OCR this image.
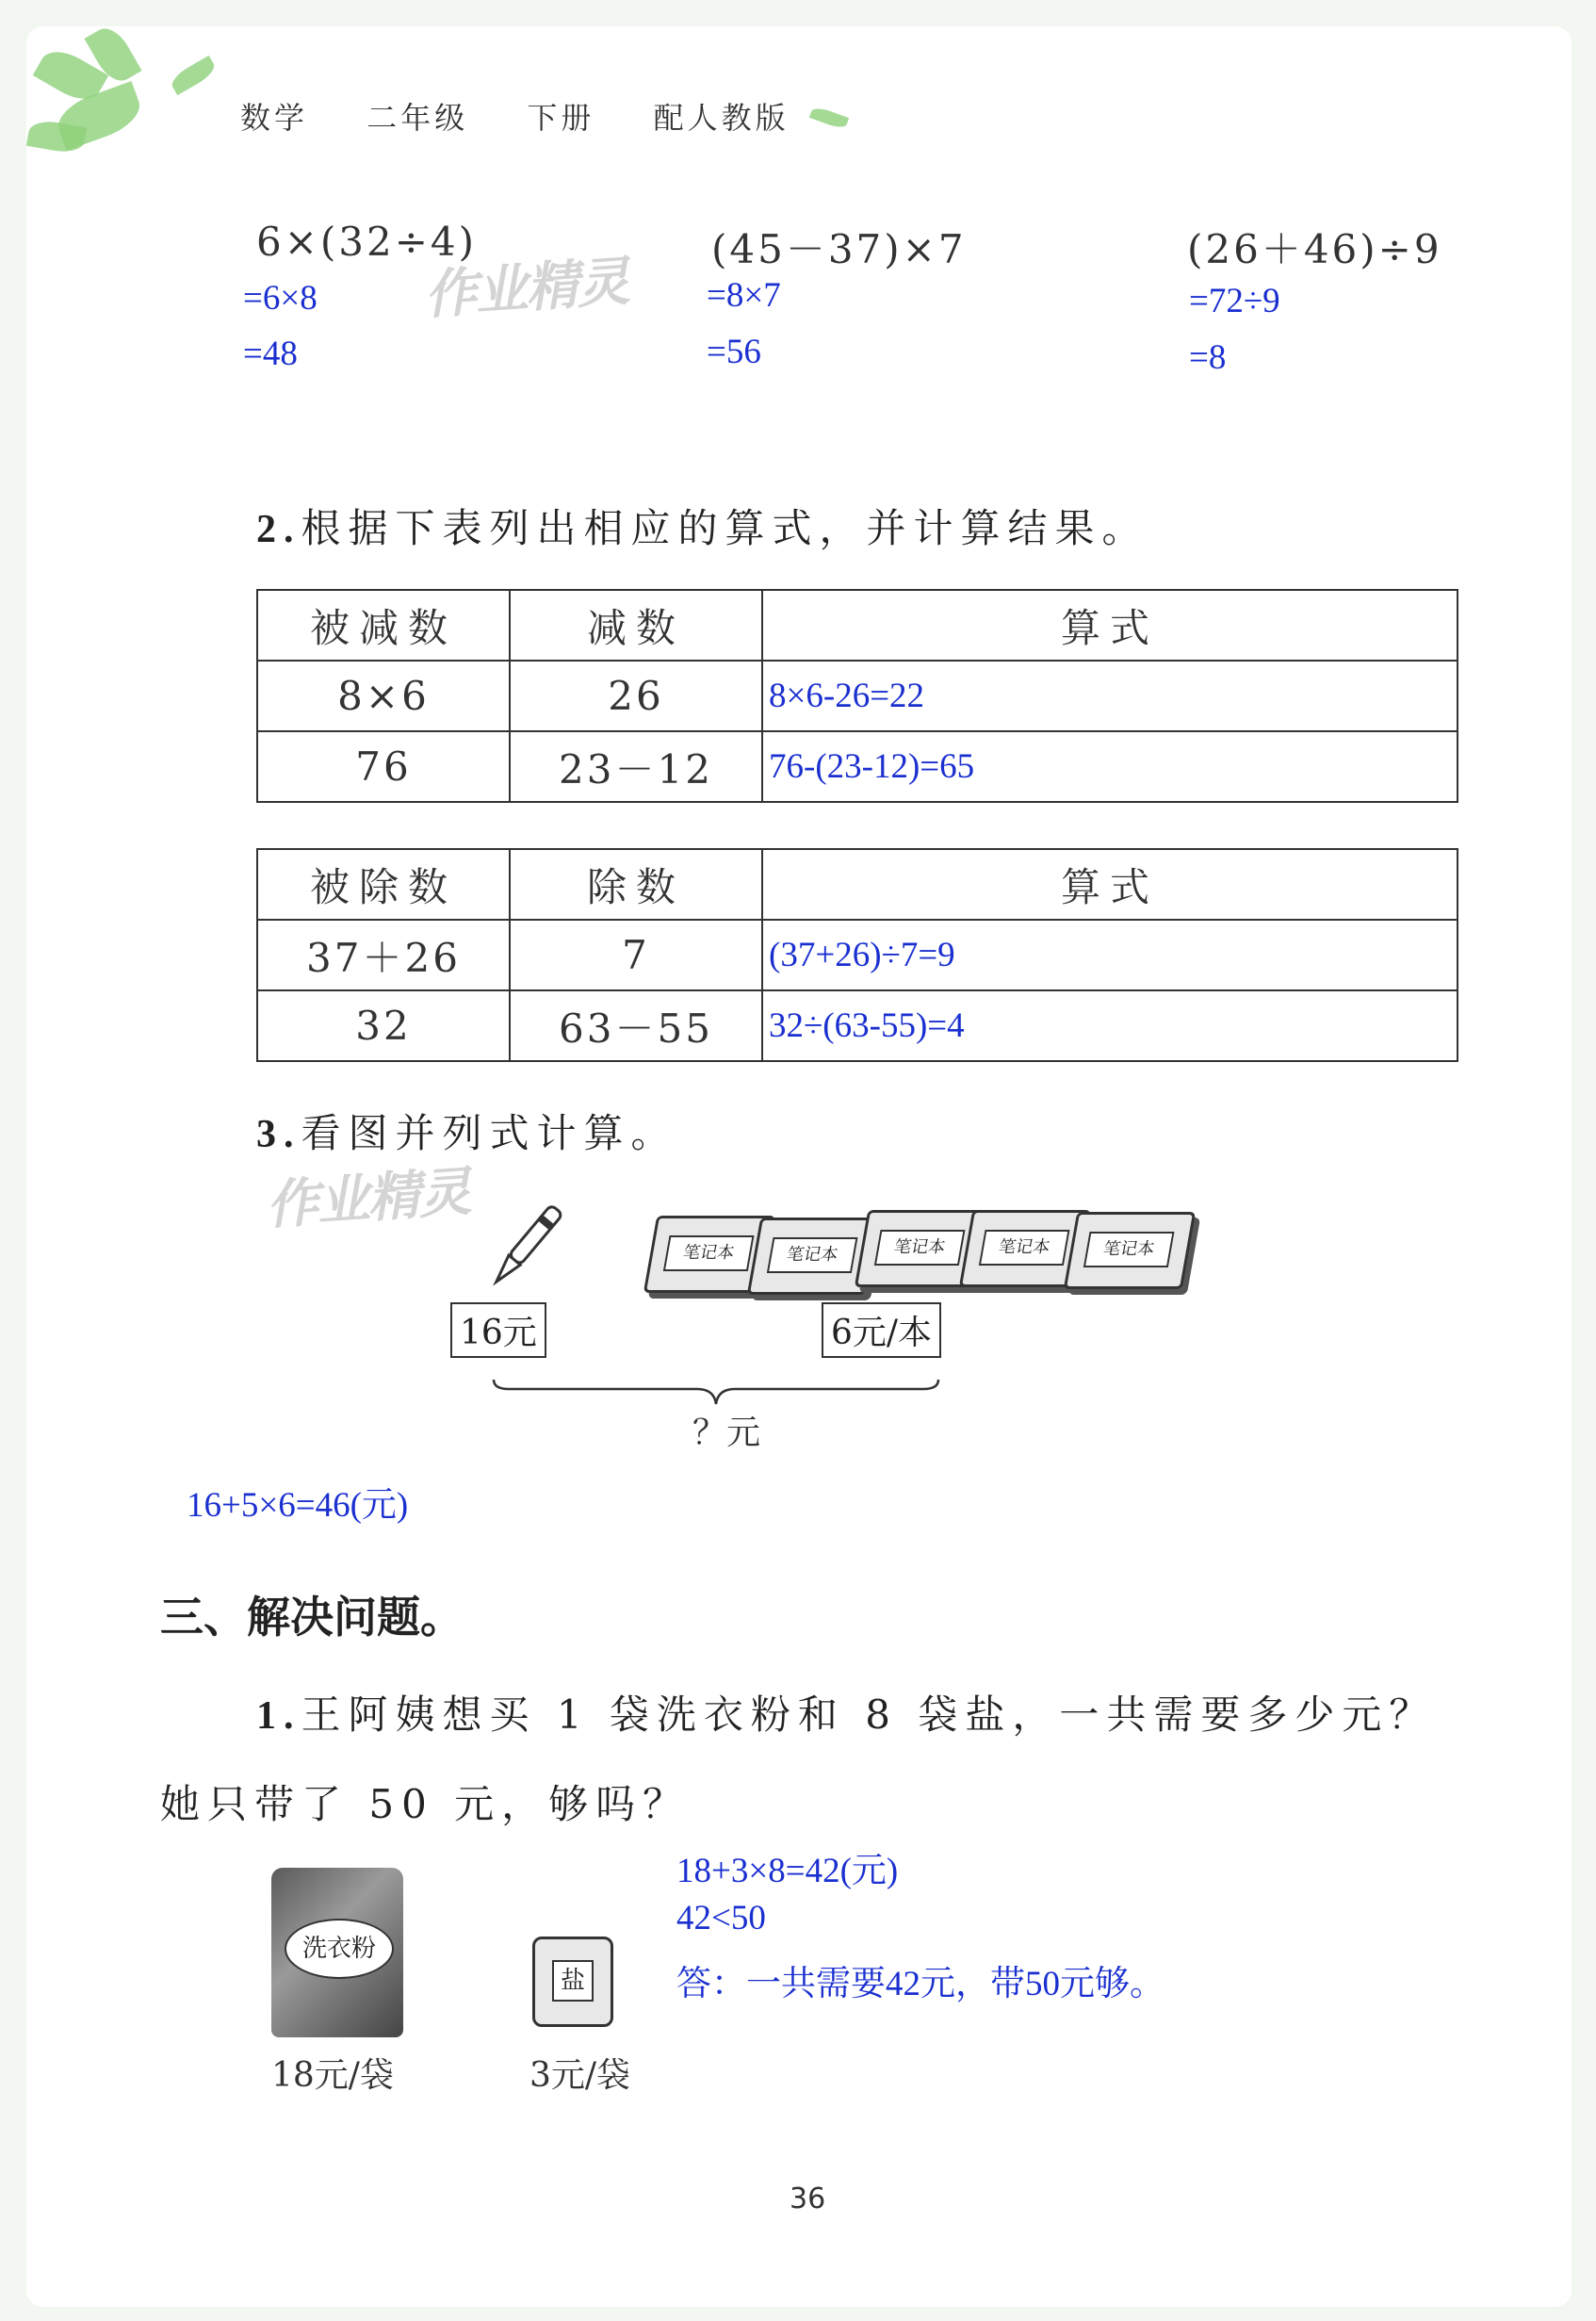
数学 二年级 下册 配人教版
6×(32÷4)
=6×8
=48
作业精灵
(45－37)×7
=8×7
=56
(26＋46)÷9
=72÷9
=8
2.根据下表列出相应的算式，并计算结果。
被减数	减数	算式
8×6	26	8×6-26=22
76	23－12	76-(23-12)=65
被除数	除数	算式
37＋26	7	(37+26)÷7=9
32	63－55	32÷(63-55)=4
3.看图并列式计算。
作业精灵
笔记本	笔记本	笔记本	笔记本	笔记本
16元	6元/本
？元
16+5×6=46(元)
三、解决问题。
1.王阿姨想买 1 袋洗衣粉和 8 袋盐，一共需要多少元？
她只带了 50 元，够吗？
洗衣粉
18元/袋
盐
3元/袋
18+3×8=42(元)
42<50
答：一共需要42元，带50元够。
36
